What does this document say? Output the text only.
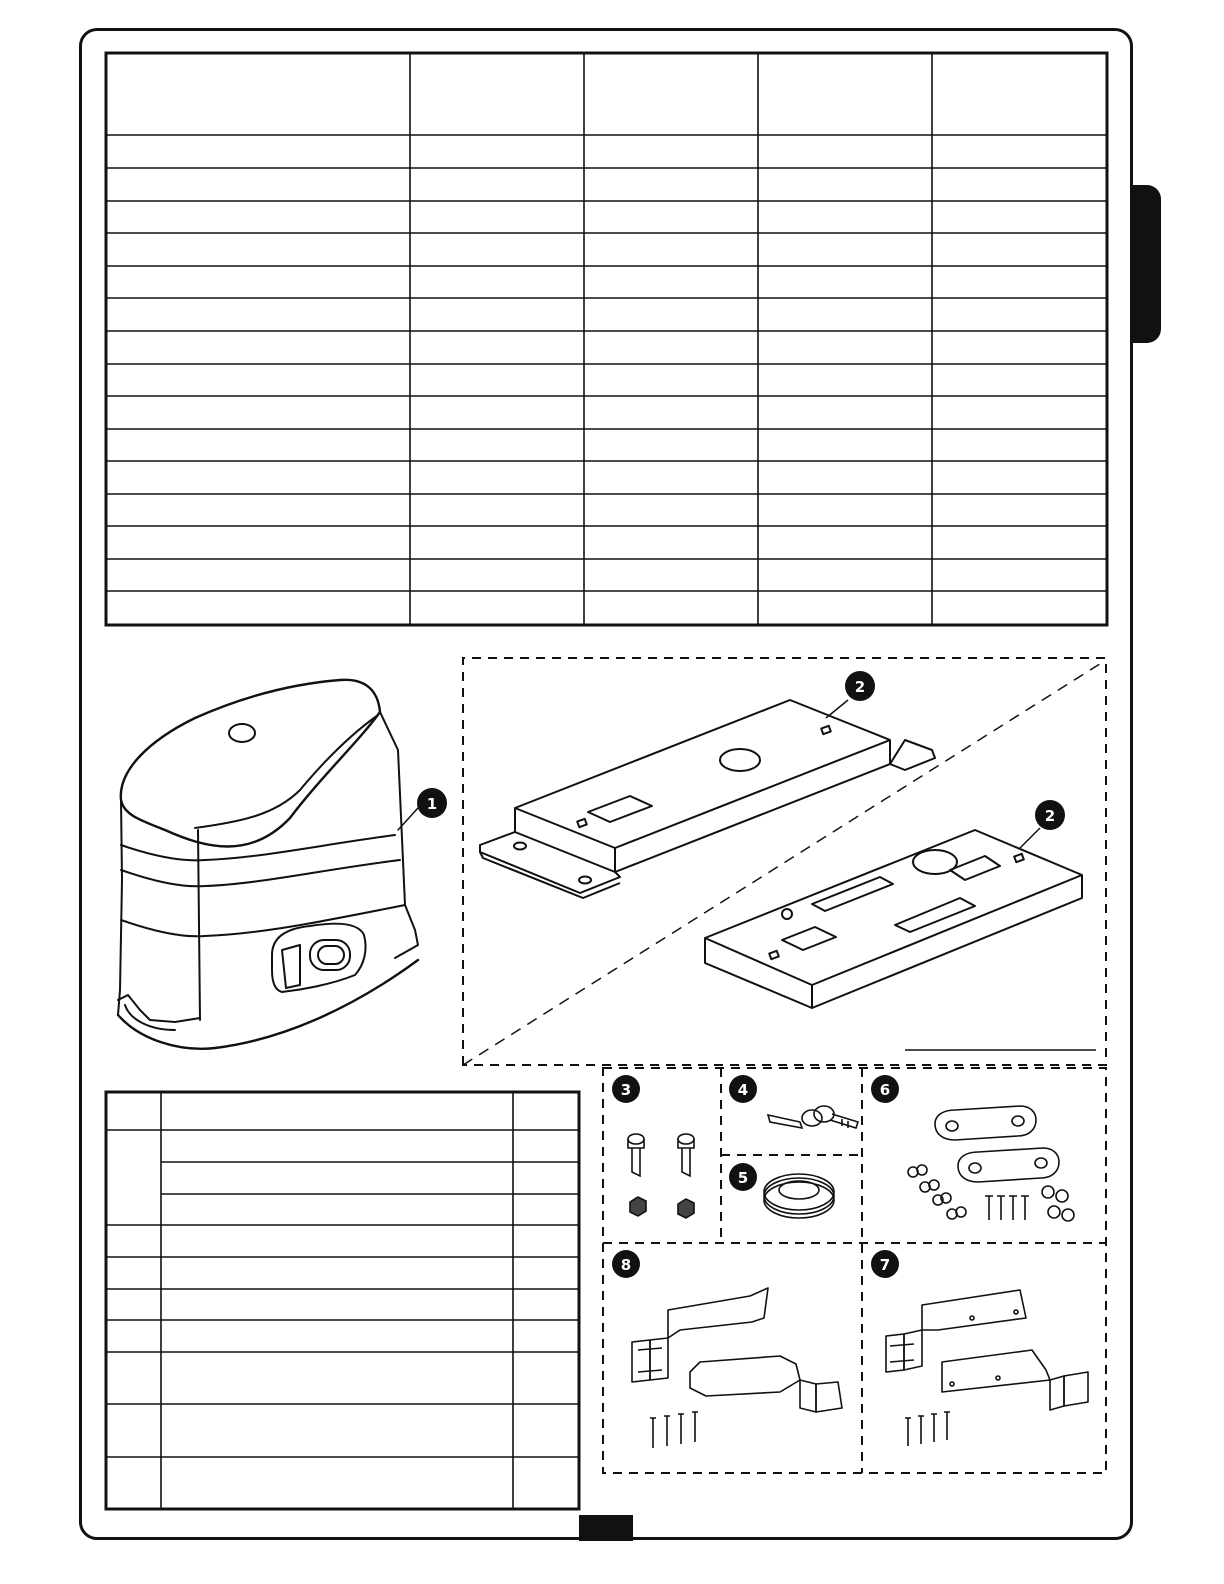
1
2
2
3	4
5
6
8	7
